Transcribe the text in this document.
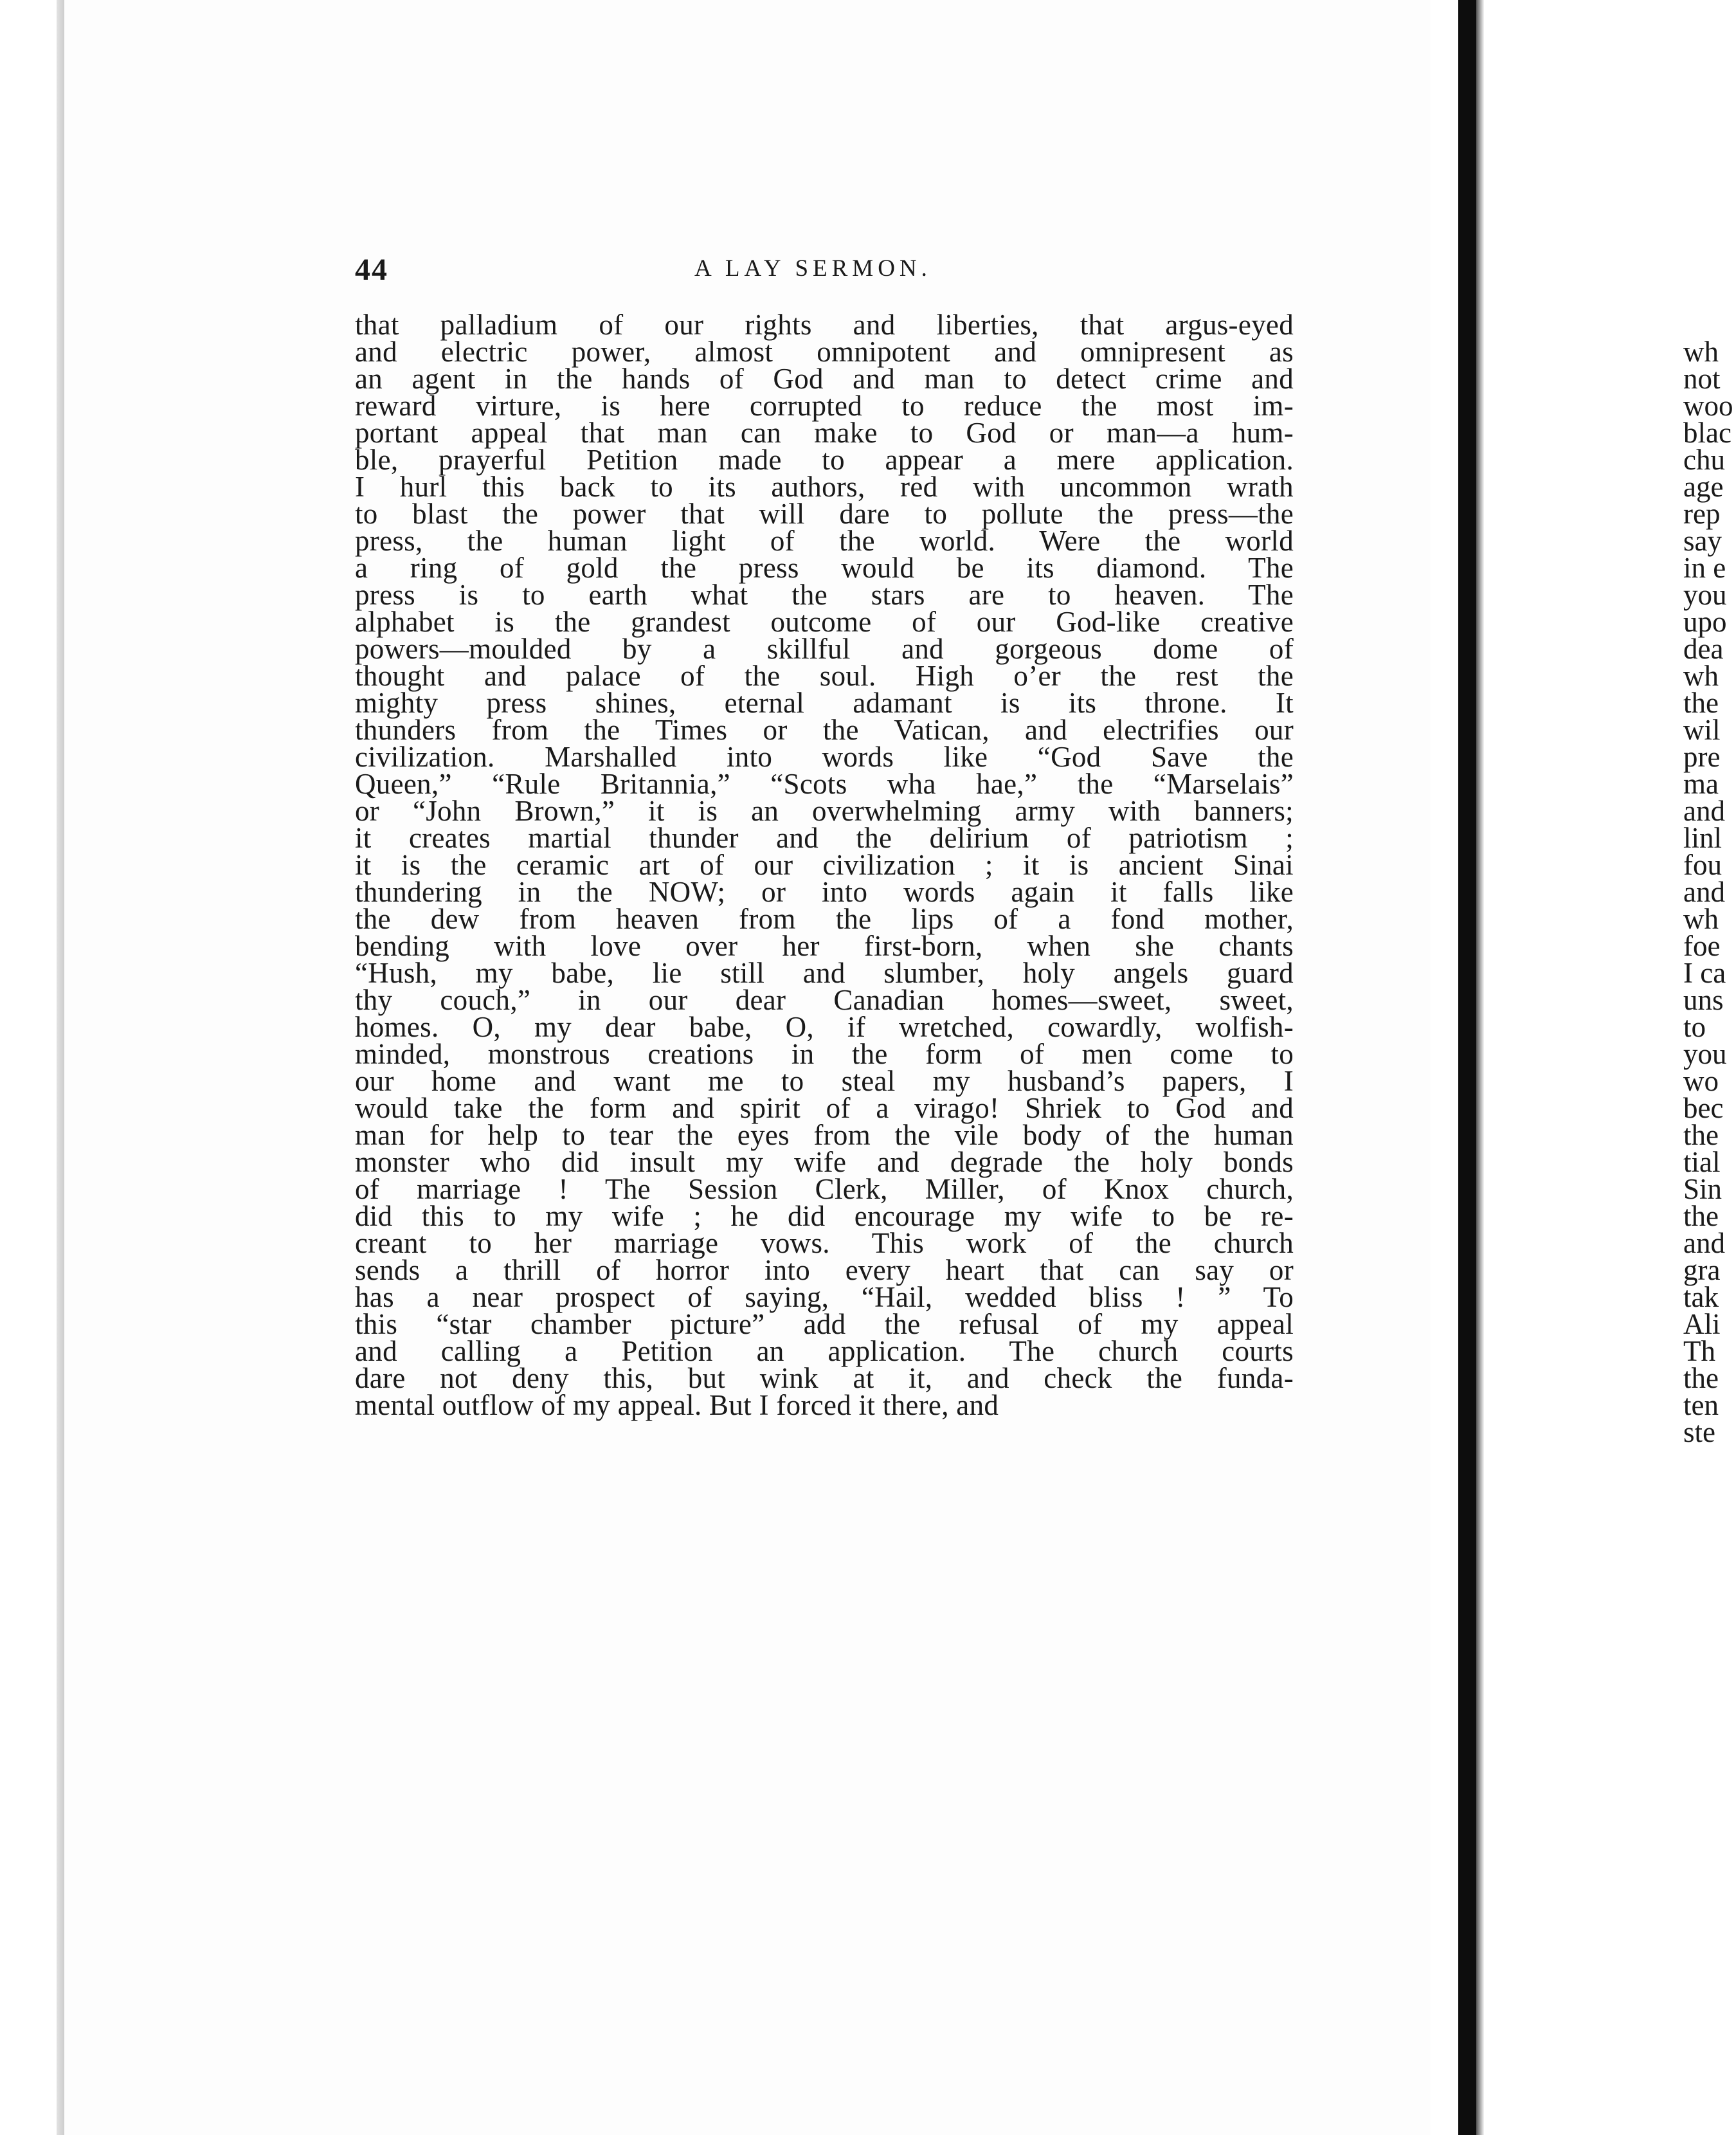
44	A LAY SERMON.
that palladium of our rights and liberties, that argus-eyed
and electric power, almost omnipotent and omnipresent as
an agent in the hands of God and man to detect crime and
reward virture, is here corrupted to reduce the most im-
portant appeal that man can make to God or man—a hum-
ble, prayerful Petition made to appear a mere application.
I hurl this back to its authors, red with uncommon wrath
to blast the power that will dare to pollute the press—the
press, the human light of the world. Were the world
a ring of gold the press would be its diamond. The
press is to earth what the stars are to heaven. The
alphabet is the grandest outcome of our God-like creative
powers—moulded by a skillful and gorgeous dome of
thought and palace of the soul. High o’er the rest the
mighty press shines, eternal adamant is its throne. It
thunders from the Times or the Vatican, and electrifies our
civilization. Marshalled into words like “God Save the
Queen,” “Rule Britannia,” “Scots wha hae,” the “Marselais”
or “John Brown,” it is an overwhelming army with banners;
it creates martial thunder and the delirium of patriotism ;
it is the ceramic art of our civilization ; it is ancient Sinai
thundering in the NOW; or into words again it falls like
the dew from heaven from the lips of a fond mother,
bending with love over her first-born, when she chants
“Hush, my babe, lie still and slumber, holy angels guard
thy couch,” in our dear Canadian homes—sweet, sweet,
homes. O, my dear babe, O, if wretched, cowardly, wolfish-
minded, monstrous creations in the form of men come to
our home and want me to steal my husband’s papers, I
would take the form and spirit of a virago! Shriek to God and
man for help to tear the eyes from the vile body of the human
monster who did insult my wife and degrade the holy bonds
of marriage ! The Session Clerk, Miller, of Knox church,
did this to my wife ; he did encourage my wife to be re-
creant to her marriage vows. This work of the church
sends a thrill of horror into every heart that can say or
has a near prospect of saying, “Hail, wedded bliss ! ” To
this “star chamber picture” add the refusal of my appeal
and calling a Petition an application. The church courts
dare not deny this, but wink at it, and check the funda-
mental outflow of my appeal. But I forced it there, and
wh
not
woo
blac
chu
age
rep
say
in e
you
upo
dea
wh
the
wil
pre
ma
and
linl
fou
and
wh
foe
I ca
uns
to
you
wo
bec
the
tial
Sin
the
and
gra
tak
Ali
Th
the
ten
ste
